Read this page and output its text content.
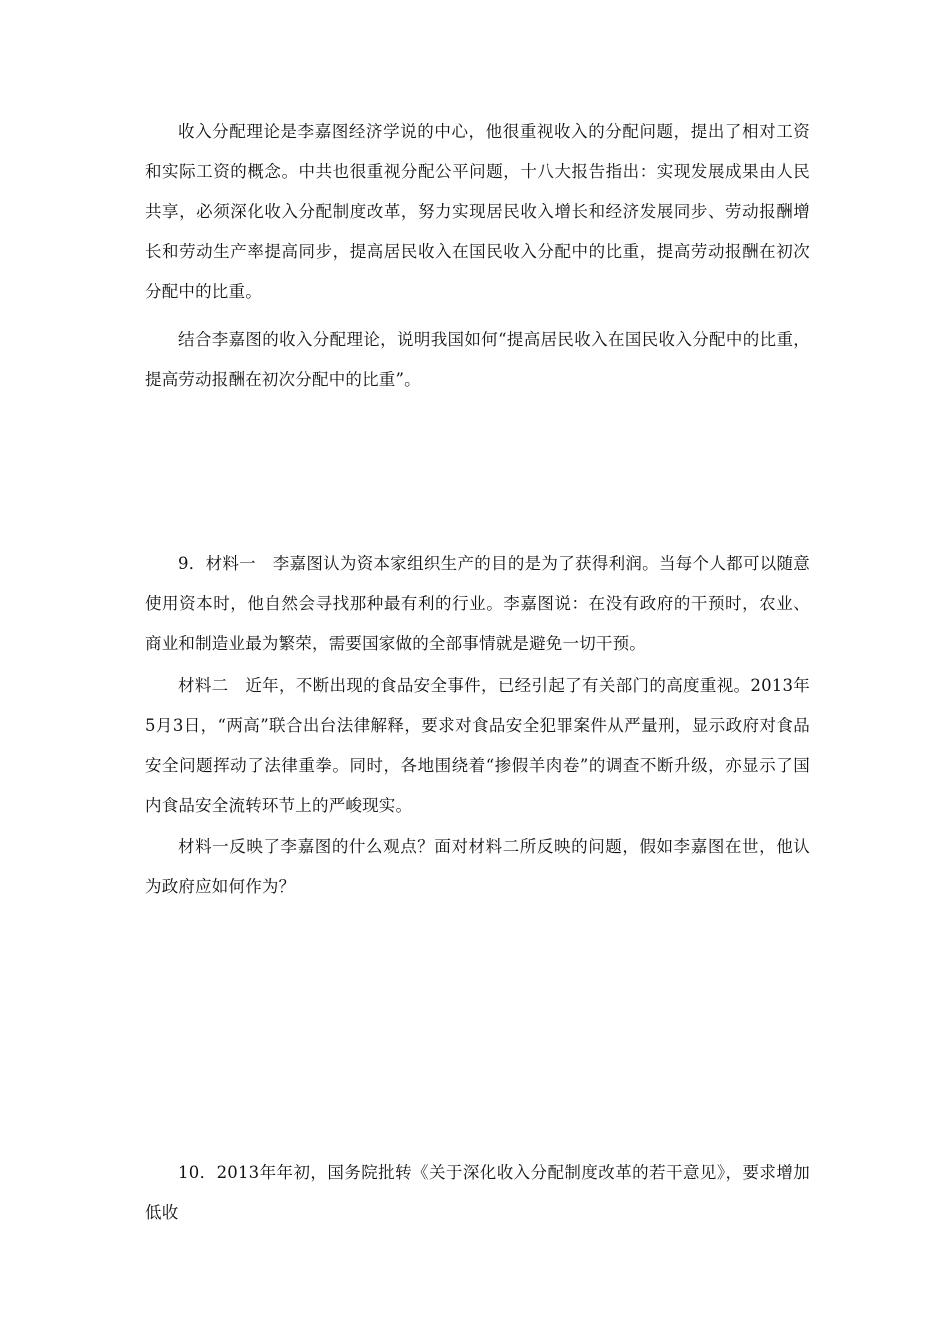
收入分配理论是李嘉图经济学说的中心，他很重视收入的分配问题，提出了相对工资和实际工资的概念。中共也很重视分配公平问题，十八大报告指出：实现发展成果由人民共享，必须深化收入分配制度改革，努力实现居民收入增长和经济发展同步、劳动报酬增长和劳动生产率提高同步，提高居民收入在国民收入分配中的比重，提高劳动报酬在初次分配中的比重。

结合李嘉图的收入分配理论，说明我国如何“提高居民收入在国民收入分配中的比重，提高劳动报酬在初次分配中的比重”。

9．材料一　李嘉图认为资本家组织生产的目的是为了获得利润。当每个人都可以随意使用资本时，他自然会寻找那种最有利的行业。李嘉图说：在没有政府的干预时，农业、商业和制造业最为繁荣，需要国家做的全部事情就是避免一切干预。

材料二　近年，不断出现的食品安全事件，已经引起了有关部门的高度重视。2013年5月3日，“两高”联合出台法律解释，要求对食品安全犯罪案件从严量刑，显示政府对食品安全问题挥动了法律重拳。同时，各地围绕着“掺假羊肉卷”的调查不断升级，亦显示了国内食品安全流转环节上的严峻现实。

材料一反映了李嘉图的什么观点？面对材料二所反映的问题，假如李嘉图在世，他认为政府应如何作为？

10．2013年年初，国务院批转《关于深化收入分配制度改革的若干意见》，要求增加低收
